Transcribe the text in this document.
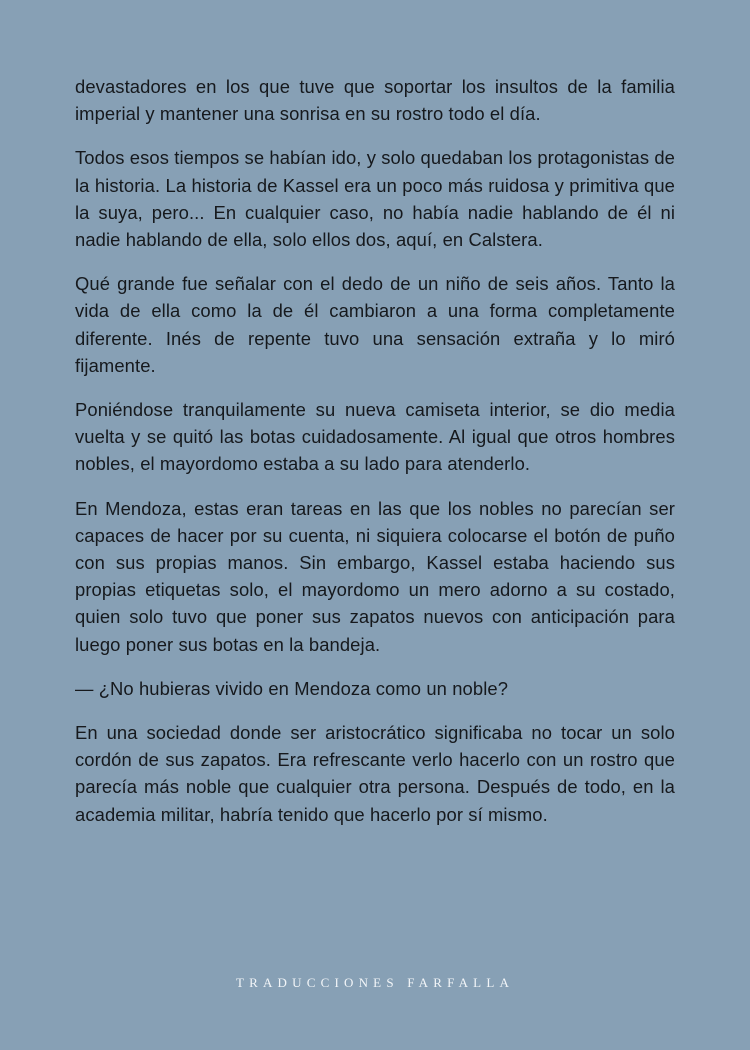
devastadores en los que tuve que soportar los insultos de la familia imperial y mantener una sonrisa en su rostro todo el día.

Todos esos tiempos se habían ido, y solo quedaban los protagonistas de la historia. La historia de Kassel era un poco más ruidosa y primitiva que la suya, pero... En cualquier caso, no había nadie hablando de él ni nadie hablando de ella, solo ellos dos, aquí, en Calstera.

Qué grande fue señalar con el dedo de un niño de seis años. Tanto la vida de ella como la de él cambiaron a una forma completamente diferente. Inés de repente tuvo una sensación extraña y lo miró fijamente.

Poniéndose tranquilamente su nueva camiseta interior, se dio media vuelta y se quitó las botas cuidadosamente. Al igual que otros hombres nobles, el mayordomo estaba a su lado para atenderlo.

En Mendoza, estas eran tareas en las que los nobles no parecían ser capaces de hacer por su cuenta, ni siquiera colocarse el botón de puño con sus propias manos. Sin embargo, Kassel estaba haciendo sus propias etiquetas solo, el mayordomo un mero adorno a su costado, quien solo tuvo que poner sus zapatos nuevos con anticipación para luego poner sus botas en la bandeja.

— ¿No hubieras vivido en Mendoza como un noble?

En una sociedad donde ser aristocrático significaba no tocar un solo cordón de sus zapatos. Era refrescante verlo hacerlo con un rostro que parecía más noble que cualquier otra persona. Después de todo, en la academia militar, habría tenido que hacerlo por sí mismo.

TRADUCCIONES FARFALLA
